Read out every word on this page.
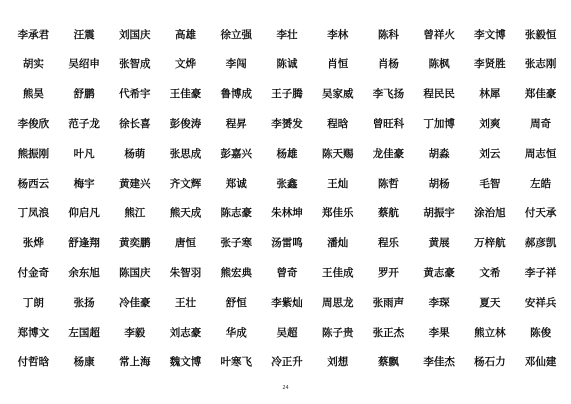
李承君	汪震	刘国庆	高雄	徐立强	李壮	李林	陈科	曾祥火	李文博	张毅恒
胡实	吴绍申	张智成	文烨	李闯	陈诚	肖恒	肖杨	陈枫	李贤胜	张志刚
熊昊	舒鹏	代希宇	王佳豪	鲁博成	王子腾	吴家威	李飞扬	程民民	林犀	郑佳豪
李俊欣	范子龙	徐长喜	彭俊涛	程昇	李赟发	程晗	曾旺科	丁加博	刘爽	周奇
熊振刚	叶凡	杨萌	张思成	彭嘉兴	杨雄	陈天赐	龙佳豪	胡淼	刘云	周志恒
杨西云	梅宇	黄建兴	齐文辉	郑诚	张鑫	王灿	陈哲	胡杨	毛智	左皓
丁凤浪	仰启凡	熊江	熊天成	陈志豪	朱林坤	郑佳乐	蔡航	胡振宇	涂治旭	付天承
张烨	舒逢翔	黄奕鹏	唐恒	张子寒	汤雷鸣	潘灿	程乐	黄展	万梓航	郝彦凯
付金奇	余东旭	陈国庆	朱智羽	熊宏典	曾奇	王佳成	罗开	黄志豪	文希	李子祥
丁朗	张扬	冷佳豪	王壮	舒恒	李紫灿	周思龙	张雨声	李琛	夏天	安祥兵
郑博文	左国超	李毅	刘志豪	华成	吴超	陈子贵	张正杰	李果	熊立林	陈俊
付哲晗	杨康	常上海	魏文博	叶寒飞	冷正升	刘想	蔡飘	李佳杰	杨石力	邓仙建
24
